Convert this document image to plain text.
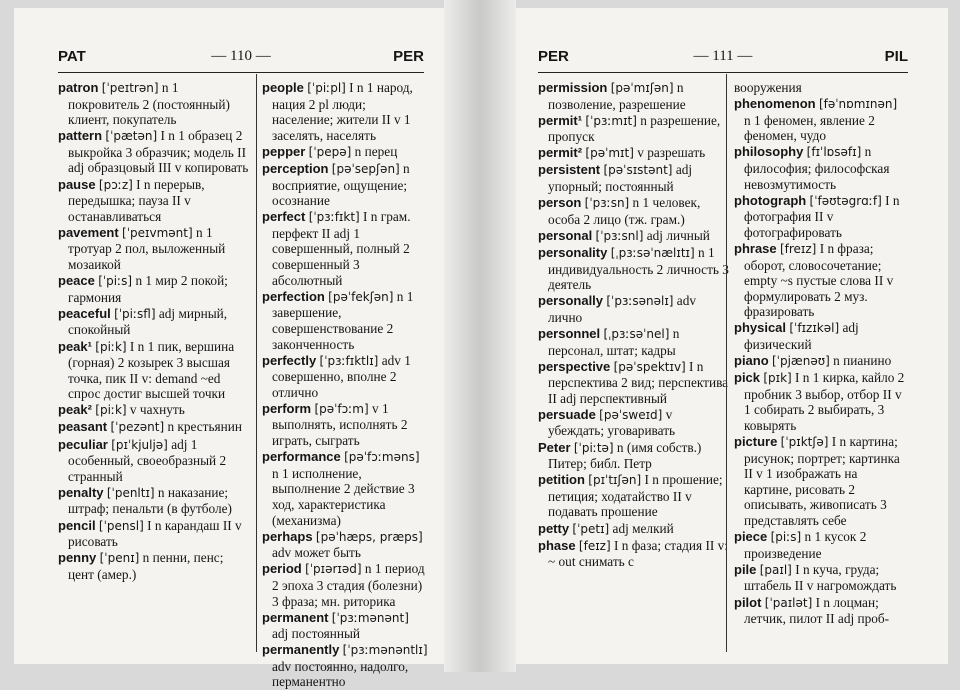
PAT	— 110 —	PER
patron [ˈpeɪtrən] n 1 покровитель 2 (постоянный) клиент, покупатель
pattern [ˈpætən] I n 1 образец 2 выкройка 3 образчик; модель II adj образцовый III v копировать
pause [pɔːz] I n перерыв, передышка; пауза II v останавливаться
pavement [ˈpeɪvmənt] n 1 тротуар 2 пол, выложенный мозаикой
peace [ˈpiːs] n 1 мир 2 покой; гармония
peaceful [ˈpiːsfl] adj мирный, спокойный
peak¹ [piːk] I n 1 пик, вершина (горная) 2 козырек 3 высшая точка, пик II v: demand ~ed спрос достиг высшей точки
peak² [piːk] v чахнуть
peasant [ˈpezənt] n крестьянин
peculiar [pɪˈkjuljə] adj 1 особенный, своеобразный 2 странный
penalty [ˈpenltɪ] n наказание; штраф; пенальти (в футболе)
pencil [ˈpensl] I n карандаш II v рисовать
penny [ˈpenɪ] n пенни, пенс; цент (амер.)
people [ˈpiːpl] I n 1 народ, нация 2 pl люди; население; жители II v 1 заселять, населять
pepper [ˈpepə] n перец
perception [pəˈsepʃən] n восприятие, ощущение; осознание
perfect [ˈpɜːfɪkt] I n грам. перфект II adj 1 совершенный, полный 2 совершенный 3 абсолютный
perfection [pəˈfekʃən] n 1 завершение, совершенствование 2 законченность
perfectly [ˈpɜːfɪktlɪ] adv 1 совершенно, вполне 2 отлично
perform [pəˈfɔːm] v 1 выполнять, исполнять 2 играть, сыграть
performance [pəˈfɔːməns] n 1 исполнение, выполнение 2 действие 3 ход, характеристика (механизма)
perhaps [pəˈhæps, præps] adv может быть
period [ˈpɪərɪəd] n 1 период 2 эпоха 3 стадия (болезни) 3 фраза; мн. риторика
permanent [ˈpɜːmənənt] adj постоянный
permanently [ˈpɜːmənəntlɪ] adv постоянно, надолго, перманентно
PER	— 111 —	PIL
permission [pəˈmɪʃən] n позволение, разрешение
permit¹ [ˈpɜːmɪt] n разрешение, пропуск
permit² [pəˈmɪt] v разрешать
persistent [pəˈsɪstənt] adj упорный; постоянный
person [ˈpɜːsn] n 1 человек, особа 2 лицо (тж. грам.)
personal [ˈpɜːsnl] adj личный
personality [ˌpɜːsəˈnælɪtɪ] n 1 индивидуальность 2 личность 3 деятель
personally [ˈpɜːsənəlɪ] adv лично
personnel [ˌpɜːsəˈnel] n персонал, штат; кадры
perspective [pəˈspektɪv] I n перспектива 2 вид; перспектива II adj перспективный
persuade [pəˈsweɪd] v убеждать; уговаривать
Peter [ˈpiːtə] n (имя собств.) Питер; библ. Петр
petition [pɪˈtɪʃən] I n прошение; петиция; ходатайство II v подавать прошение
petty [ˈpetɪ] adj мелкий
phase [feɪz] I n фаза; стадия II v: ~ out снимать с
вооружения
phenomenon [fəˈnɒmɪnən] n 1 феномен, явление 2 феномен, чудо
philosophy [fɪˈlɒsəfɪ] n философия; философская невозмутимость
photograph [ˈfəʊtəgrɑːf] I n фотография II v фотографировать
phrase [freɪz] I n фраза; оборот, словосочетание; empty ~s пустые слова II v формулировать 2 муз. фразировать
physical [ˈfɪzɪkəl] adj физический
piano [ˈpjænəʊ] n пианино
pick [pɪk] I n 1 кирка, кайло 2 пробник 3 выбор, отбор II v 1 собирать 2 выбирать, 3 ковырять
picture [ˈpɪktʃə] I n картина; рисунок; портрет; картинка II v 1 изображать на картине, рисовать 2 описывать, живописать 3 представлять себе
piece [piːs] n 1 кусок 2 произведение
pile [paɪl] I n куча, груда; штабель II v нагромождать
pilot [ˈpaɪlət] I n лоцман; летчик, пилот II adj проб-
